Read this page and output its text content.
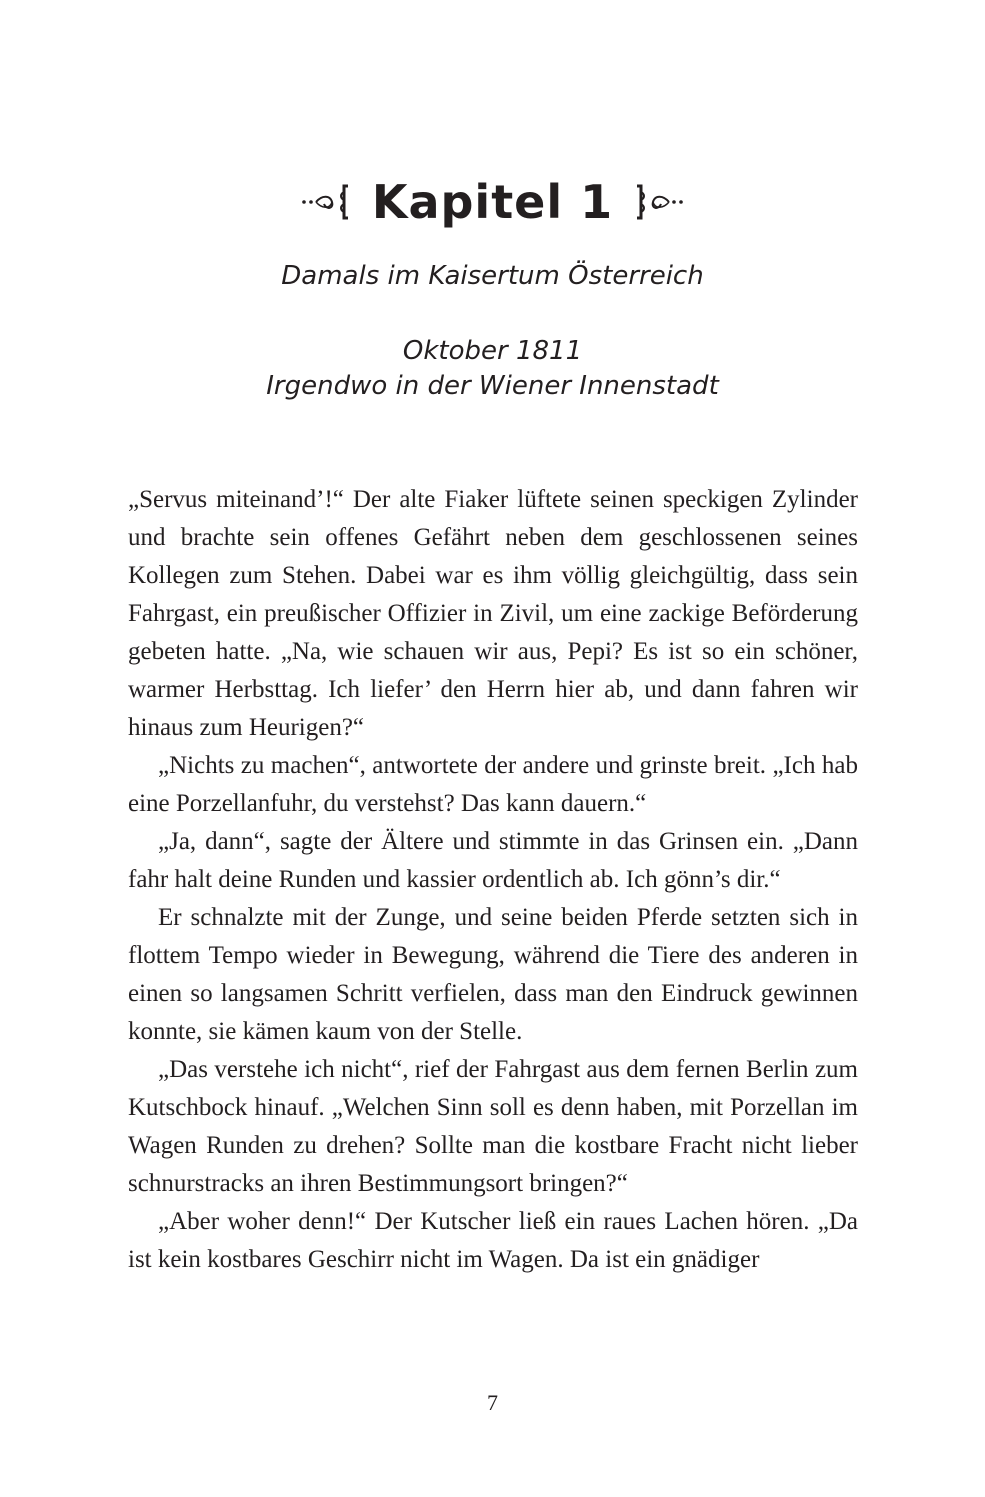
Kapitel 1
Damals im Kaisertum Österreich
Oktober 1811
Irgendwo in der Wiener Innenstadt

„Servus miteinand’!“ Der alte Fiaker lüftete seinen speckigen Zylinder und brachte sein offenes Gefährt neben dem geschlossenen seines Kollegen zum Stehen. Dabei war es ihm völlig gleichgültig, dass sein Fahrgast, ein preußischer Offizier in Zivil, um eine zackige Beförderung gebeten hatte. „Na, wie schauen wir aus, Pepi? Es ist so ein schöner, warmer Herbsttag. Ich liefer’ den Herrn hier ab, und dann fahren wir hinaus zum Heurigen?“

„Nichts zu machen“, antwortete der andere und grinste breit. „Ich hab eine Porzellanfuhr, du verstehst? Das kann dauern.“

„Ja, dann“, sagte der Ältere und stimmte in das Grinsen ein. „Dann fahr halt deine Runden und kassier ordentlich ab. Ich gönn’s dir.“

Er schnalzte mit der Zunge, und seine beiden Pferde setzten sich in flottem Tempo wieder in Bewegung, während die Tiere des anderen in einen so langsamen Schritt verfielen, dass man den Eindruck gewinnen konnte, sie kämen kaum von der Stelle.

„Das verstehe ich nicht“, rief der Fahrgast aus dem fernen Berlin zum Kutschbock hinauf. „Welchen Sinn soll es denn haben, mit Porzellan im Wagen Runden zu drehen? Sollte man die kostbare Fracht nicht lieber schnurstracks an ihren Bestimmungsort bringen?“

„Aber woher denn!“ Der Kutscher ließ ein raues Lachen hören. „Da ist kein kostbares Geschirr nicht im Wagen. Da ist ein gnädiger

7
